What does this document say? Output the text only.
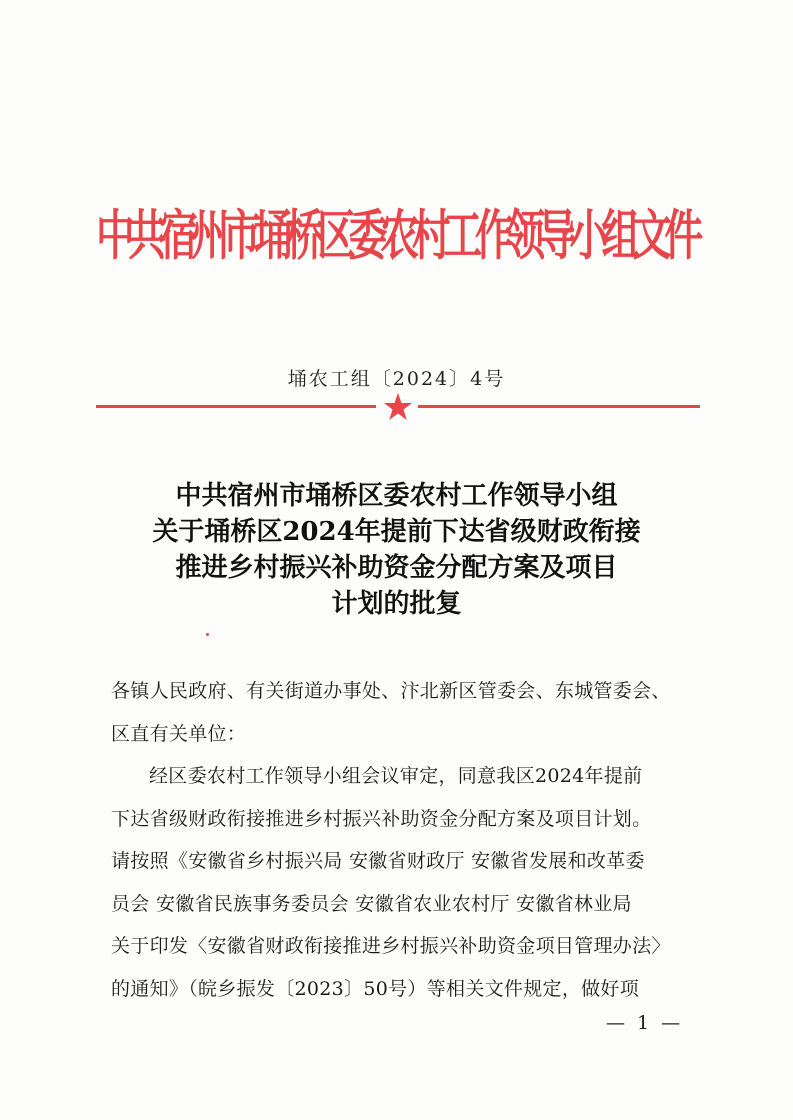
中共宿州市埇桥区委农村工作领导小组文件
埇农工组〔2024〕4号
中共宿州市埇桥区委农村工作领导小组
关于埇桥区2024年提前下达省级财政衔接
推进乡村振兴补助资金分配方案及项目
计划的批复
各镇人民政府、有关街道办事处、汴北新区管委会、东城管委会、
区直有关单位：
经区委农村工作领导小组会议审定，同意我区2024年提前
下达省级财政衔接推进乡村振兴补助资金分配方案及项目计划。
请按照《安徽省乡村振兴局 安徽省财政厅 安徽省发展和改革委
员会 安徽省民族事务委员会 安徽省农业农村厅 安徽省林业局
关于印发〈安徽省财政衔接推进乡村振兴补助资金项目管理办法〉
的通知》（皖乡振发〔2023〕50号）等相关文件规定，做好项
— 1 —
